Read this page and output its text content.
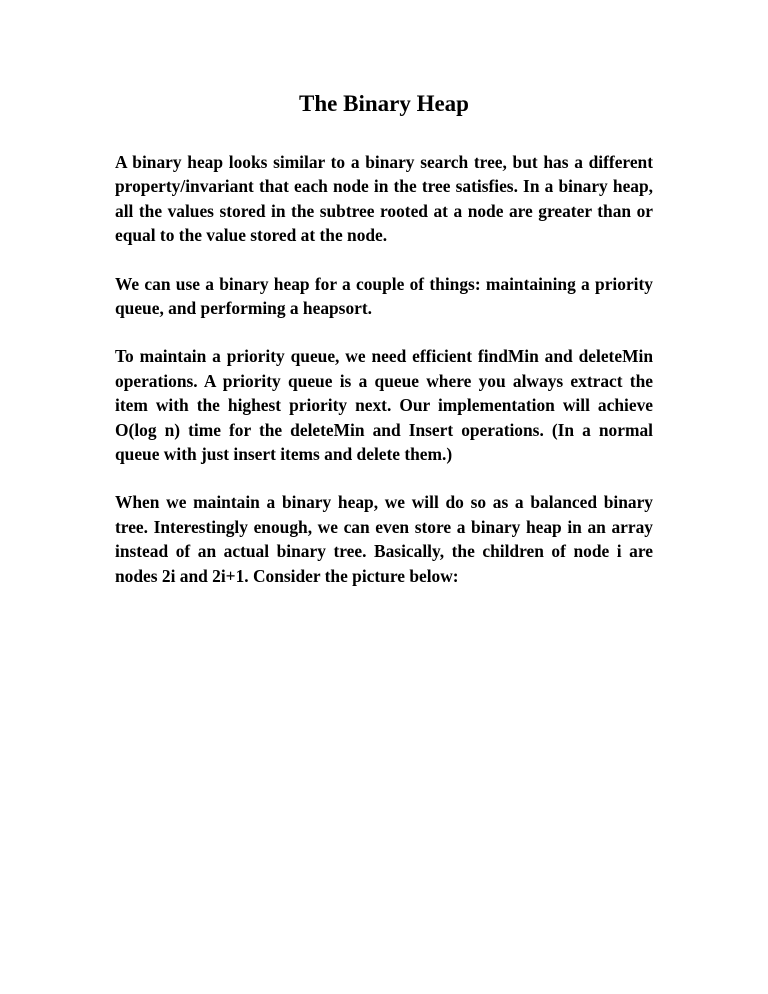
The Binary Heap

A binary heap looks similar to a binary search tree, but has a different property/invariant that each node in the tree satisfies. In a binary heap, all the values stored in the subtree rooted at a node are greater than or equal to the value stored at the node.

We can use a binary heap for a couple of things: maintaining a priority queue, and performing a heapsort.

To maintain a priority queue, we need efficient findMin and deleteMin operations. A priority queue is a queue where you always extract the item with the highest priority next. Our implementation will achieve O(log n) time for the deleteMin and Insert operations. (In a normal queue with just insert items and delete them.)

When we maintain a binary heap, we will do so as a balanced binary tree. Interestingly enough, we can even store a binary heap in an array instead of an actual binary tree. Basically, the children of node i are nodes 2i and 2i+1. Consider the picture below:
